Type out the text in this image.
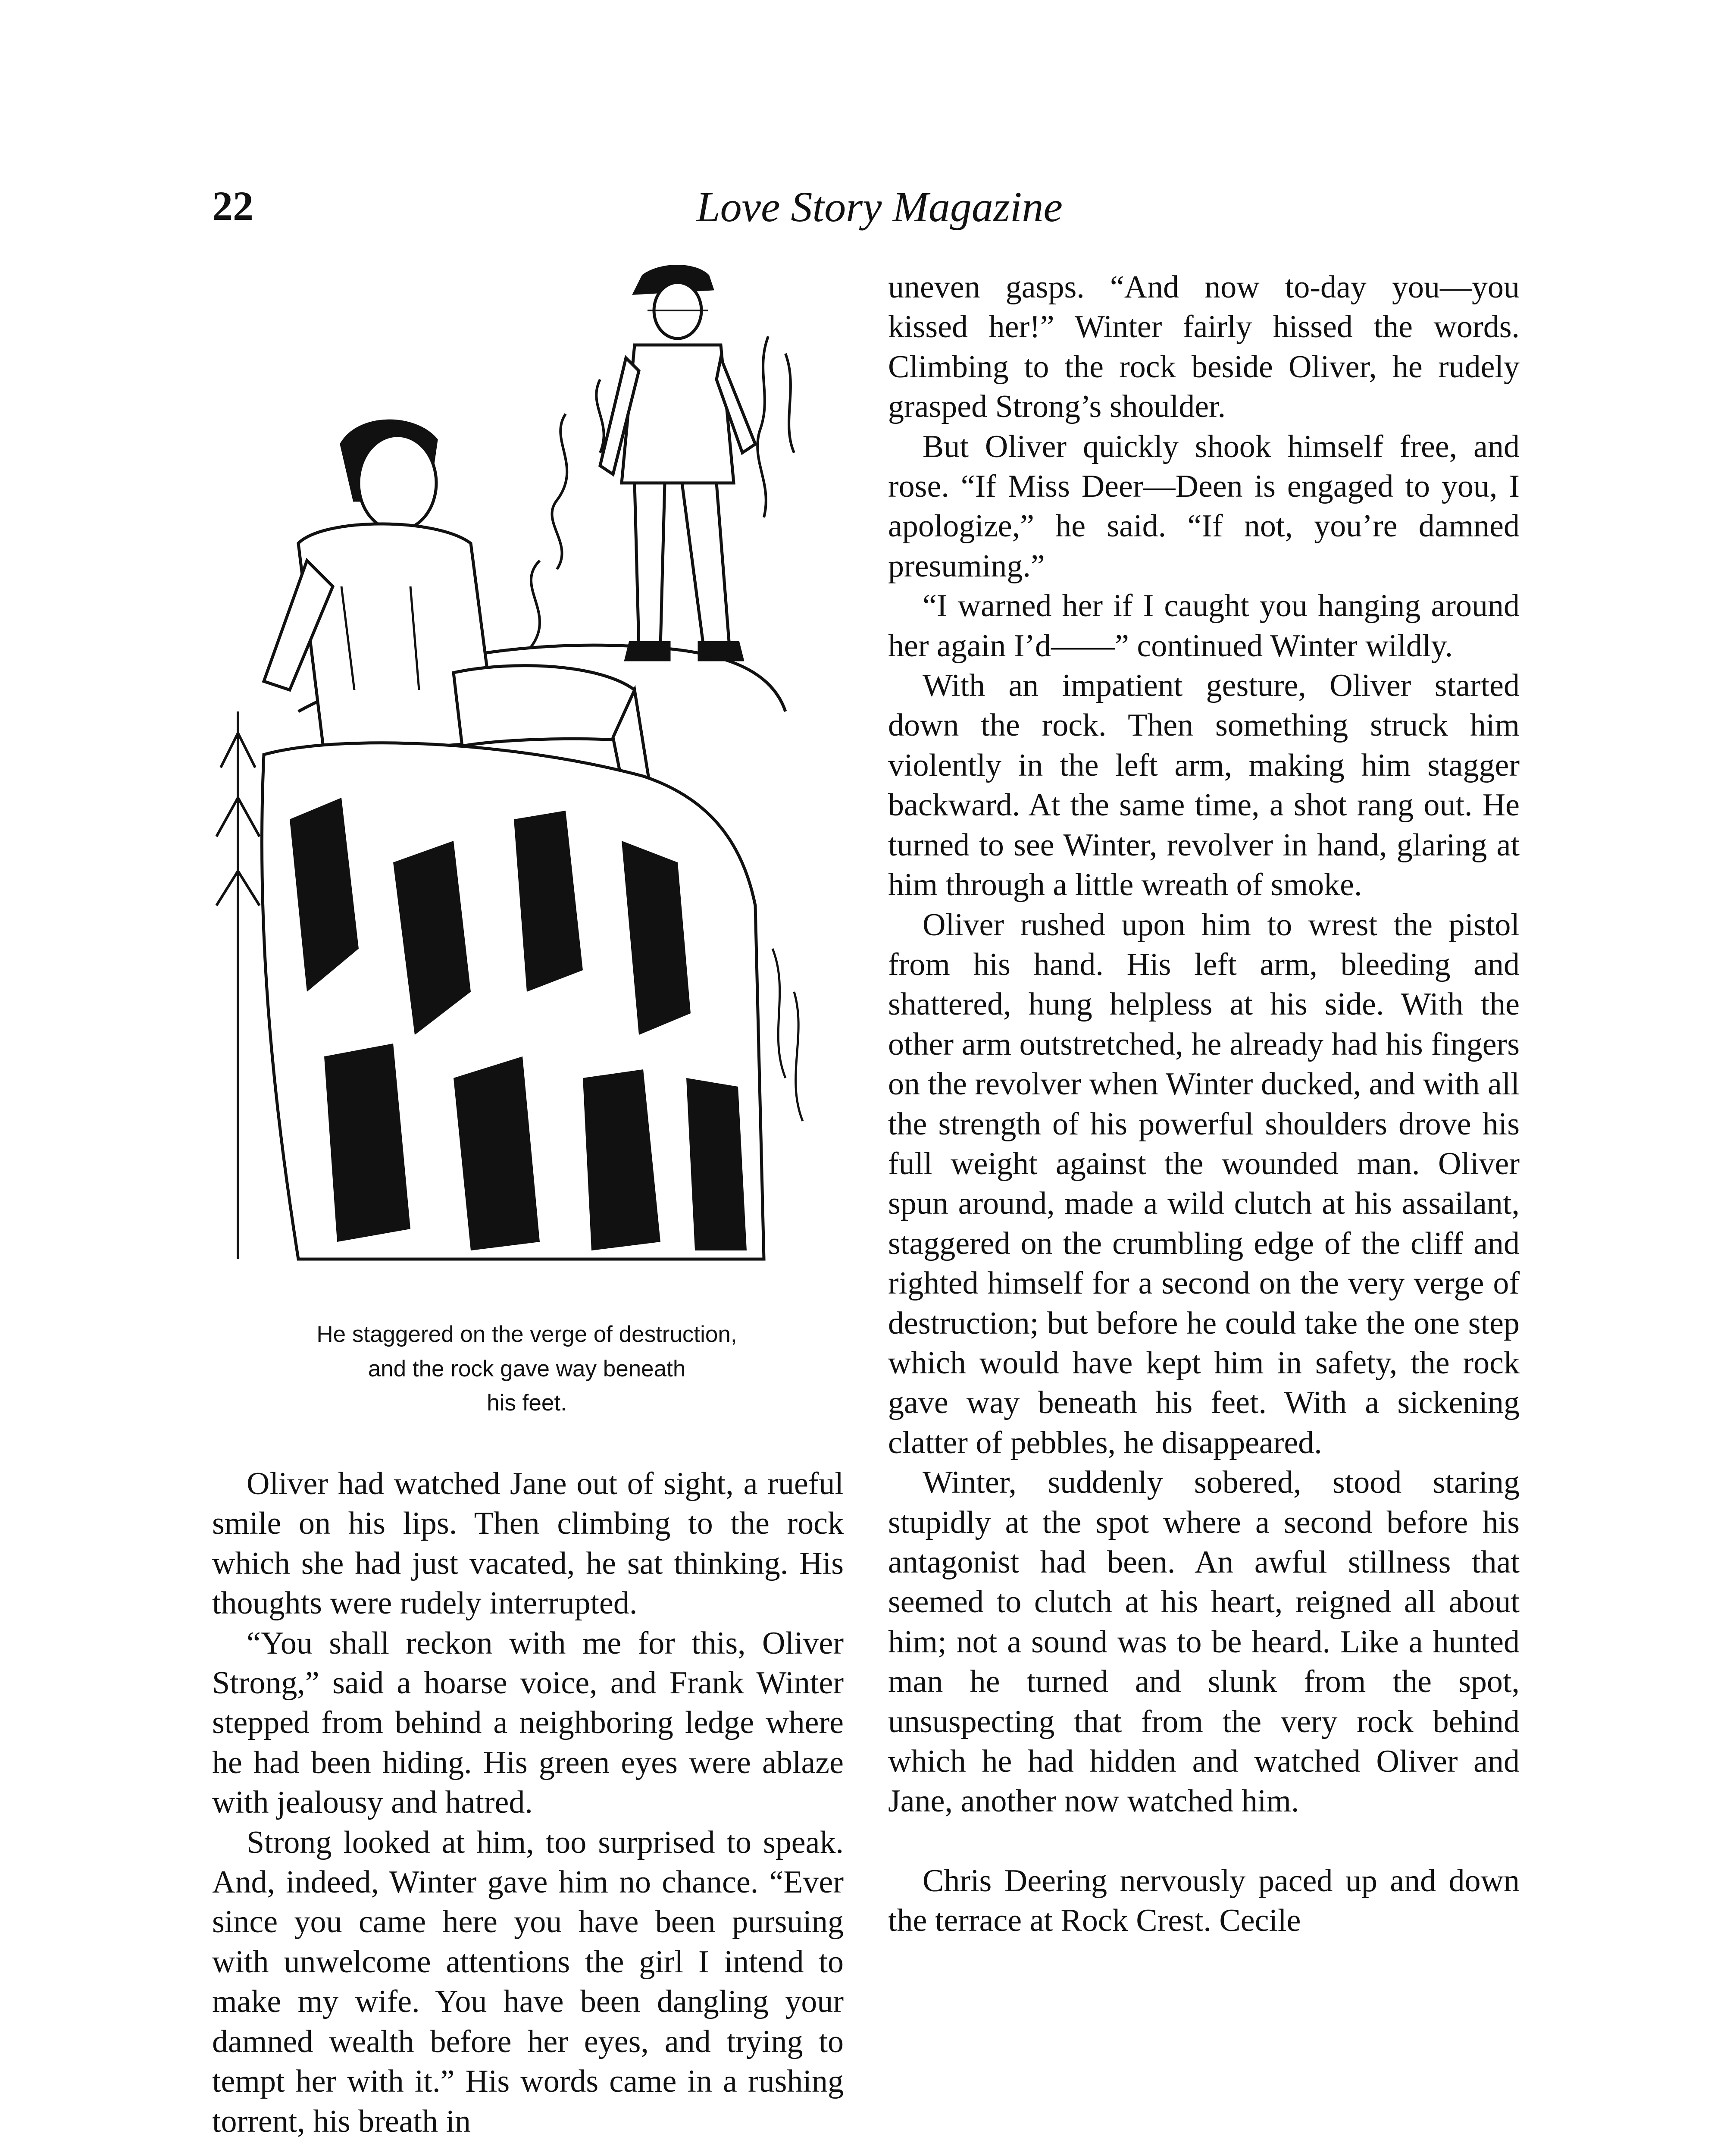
22	Love Story Magazine
He staggered on the verge of destruction,
and the rock gave way beneath
his feet.

Oliver had watched Jane out of sight, a rueful smile on his lips. Then climbing to the rock which she had just vacated, he sat thinking. His thoughts were rudely interrupted.

“You shall reckon with me for this, Oliver Strong,” said a hoarse voice, and Frank Winter stepped from behind a neighboring ledge where he had been hiding. His green eyes were ablaze with jealousy and hatred.

Strong looked at him, too surprised to speak. And, indeed, Winter gave him no chance. “Ever since you came here you have been pursuing with unwelcome attentions the girl I intend to make my wife. You have been dangling your damned wealth before her eyes, and trying to tempt her with it.” His words came in a rushing torrent, his breath in

uneven gasps. “And now to-day you—you kissed her!” Winter fairly hissed the words. Climbing to the rock beside Oliver, he rudely grasped Strong’s shoulder.

But Oliver quickly shook himself free, and rose. “If Miss Deer—Deen is engaged to you, I apologize,” he said. “If not, you’re damned presuming.”

“I warned her if I caught you hanging around her again I’d——” continued Winter wildly.

With an impatient gesture, Oliver started down the rock. Then something struck him violently in the left arm, making him stagger backward. At the same time, a shot rang out. He turned to see Winter, revolver in hand, glaring at him through a little wreath of smoke.

Oliver rushed upon him to wrest the pistol from his hand. His left arm, bleeding and shattered, hung helpless at his side. With the other arm outstretched, he already had his fingers on the revolver when Winter ducked, and with all the strength of his powerful shoulders drove his full weight against the wounded man. Oliver spun around, made a wild clutch at his assailant, staggered on the crumbling edge of the cliff and righted himself for a second on the very verge of destruction; but before he could take the one step which would have kept him in safety, the rock gave way beneath his feet. With a sickening clatter of pebbles, he disappeared.

Winter, suddenly sobered, stood staring stupidly at the spot where a second before his antagonist had been. An awful stillness that seemed to clutch at his heart, reigned all about him; not a sound was to be heard. Like a hunted man he turned and slunk from the spot, unsuspecting that from the very rock behind which he had hidden and watched Oliver and Jane, another now watched him.

Chris Deering nervously paced up and down the terrace at Rock Crest. Cecile
